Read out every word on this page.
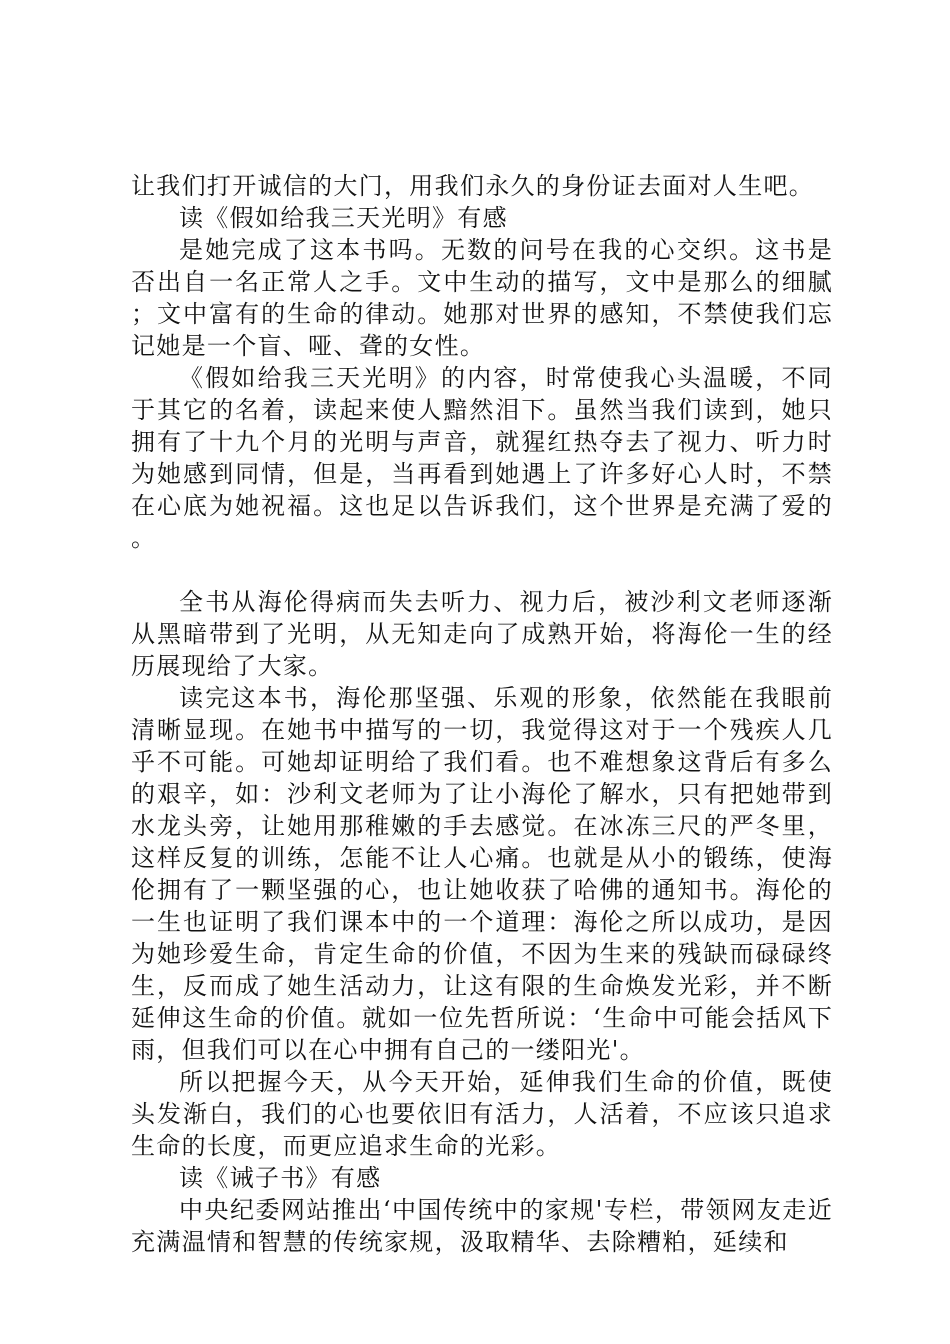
让我们打开诚信的大门，用我们永久的身份证去面对人生吧。

读《假如给我三天光明》有感

是她完成了这本书吗。无数的问号在我的心交织。这书是否出自一名正常人之手。文中生动的描写，文中是那么的细腻；文中富有的生命的律动。她那对世界的感知，不禁使我们忘记她是一个盲、哑、聋的女性。

《假如给我三天光明》的内容，时常使我心头温暖，不同于其它的名着，读起来使人黯然泪下。虽然当我们读到，她只拥有了十九个月的光明与声音，就猩红热夺去了视力、听力时为她感到同情，但是，当再看到她遇上了许多好心人时，不禁在心底为她祝福。这也足以告诉我们，这个世界是充满了爱的。

全书从海伦得病而失去听力、视力后，被沙利文老师逐渐从黑暗带到了光明，从无知走向了成熟开始，将海伦一生的经历展现给了大家。

读完这本书，海伦那坚强、乐观的形象，依然能在我眼前清晰显现。在她书中描写的一切，我觉得这对于一个残疾人几乎不可能。可她却证明给了我们看。也不难想象这背后有多么的艰辛，如：沙利文老师为了让小海伦了解水，只有把她带到水龙头旁，让她用那稚嫩的手去感觉。在冰冻三尺的严冬里，这样反复的训练，怎能不让人心痛。也就是从小的锻练，使海伦拥有了一颗坚强的心，也让她收获了哈佛的通知书。海伦的一生也证明了我们课本中的一个道理：海伦之所以成功，是因为她珍爱生命，肯定生命的价值，不因为生来的残缺而碌碌终生，反而成了她生活动力，让这有限的生命焕发光彩，并不断延伸这生命的价值。就如一位先哲所说：‘生命中可能会括风下雨，但我们可以在心中拥有自己的一缕阳光'。

所以把握今天，从今天开始，延伸我们生命的价值，既使头发渐白，我们的心也要依旧有活力，人活着，不应该只追求生命的长度，而更应追求生命的光彩。

读《诫子书》有感

中央纪委网站推出‘中国传统中的家规'专栏，带领网友走近充满温情和智慧的传统家规，汲取精华、去除糟粕，延续和
